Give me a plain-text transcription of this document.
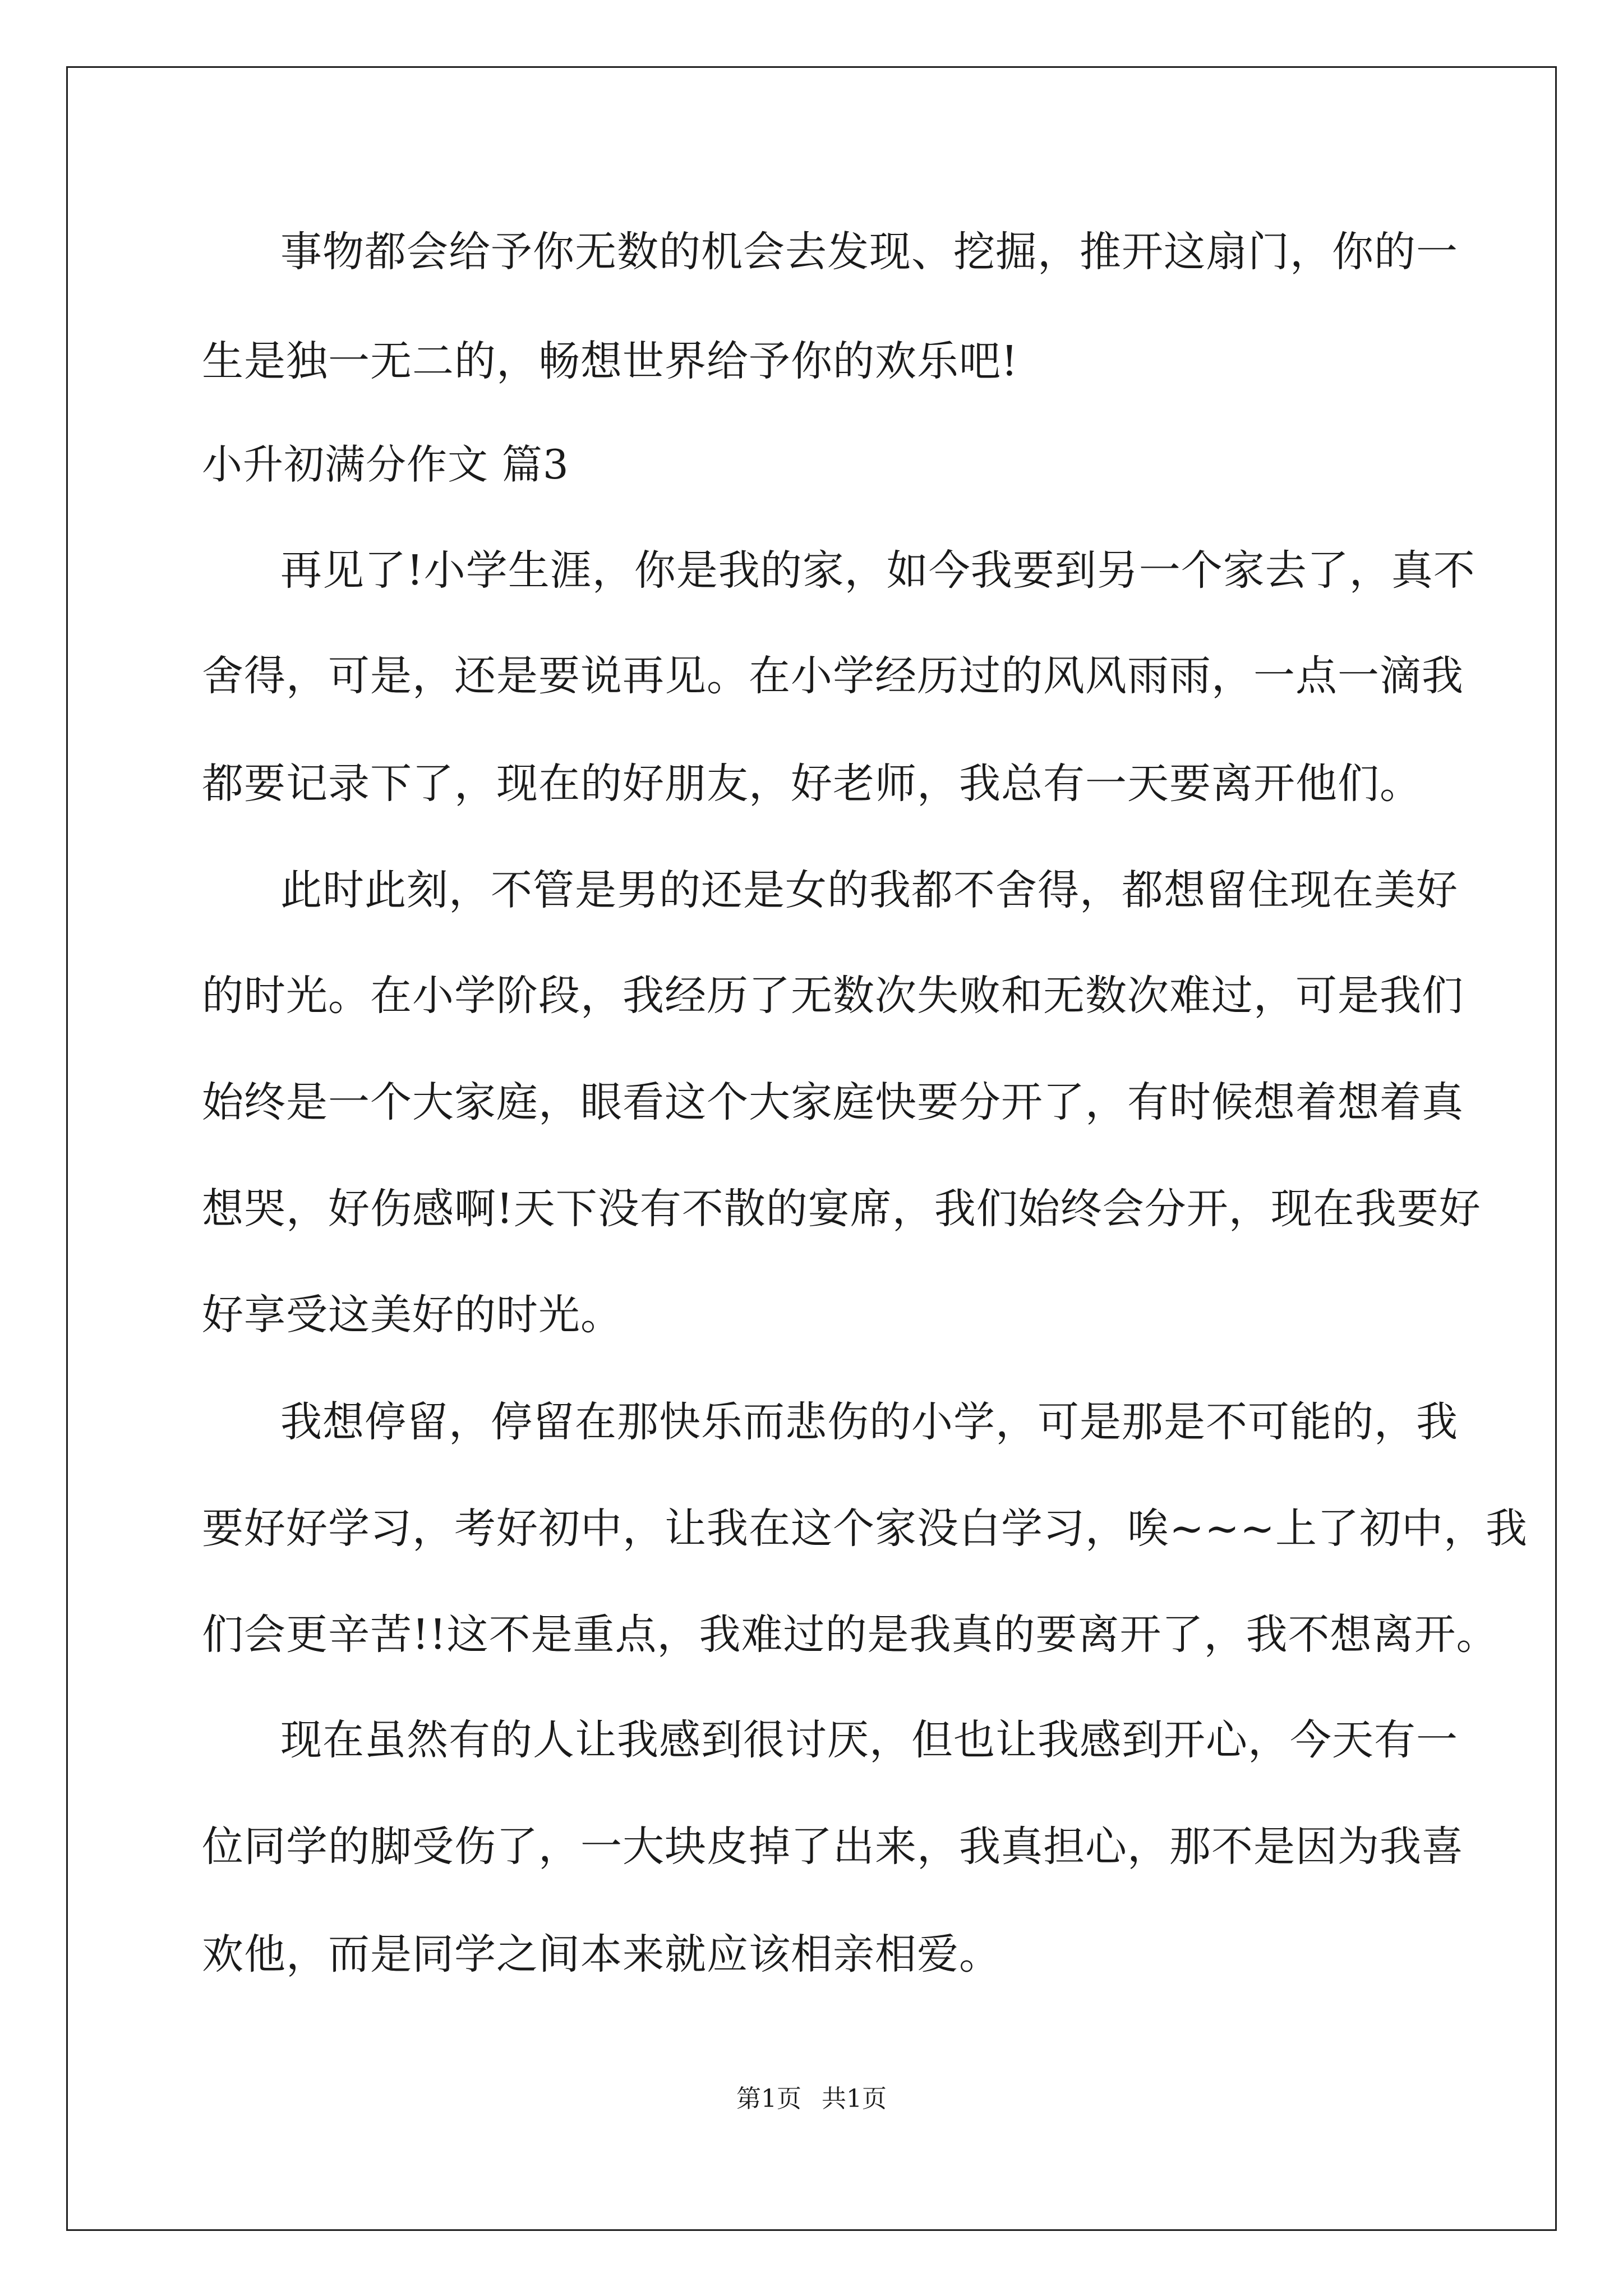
事物都会给予你无数的机会去发现、挖掘，推开这扇门，你的一
生是独一无二的，畅想世界给予你的欢乐吧!
小升初满分作文 篇3
再见了!小学生涯，你是我的家，如今我要到另一个家去了，真不
舍得，可是，还是要说再见。在小学经历过的风风雨雨，一点一滴我
都要记录下了，现在的好朋友，好老师，我总有一天要离开他们。
此时此刻，不管是男的还是女的我都不舍得，都想留住现在美好
的时光。在小学阶段，我经历了无数次失败和无数次难过，可是我们
始终是一个大家庭，眼看这个大家庭快要分开了，有时候想着想着真
想哭，好伤感啊!天下没有不散的宴席，我们始终会分开，现在我要好
好享受这美好的时光。
我想停留，停留在那快乐而悲伤的小学，可是那是不可能的，我
要好好学习，考好初中，让我在这个家没白学习，唉~~~上了初中，我
们会更辛苦!!这不是重点，我难过的是我真的要离开了，我不想离开。
现在虽然有的人让我感到很讨厌，但也让我感到开心，今天有一
位同学的脚受伤了，一大块皮掉了出来，我真担心，那不是因为我喜
欢他，而是同学之间本来就应该相亲相爱。
第1页 共1页
